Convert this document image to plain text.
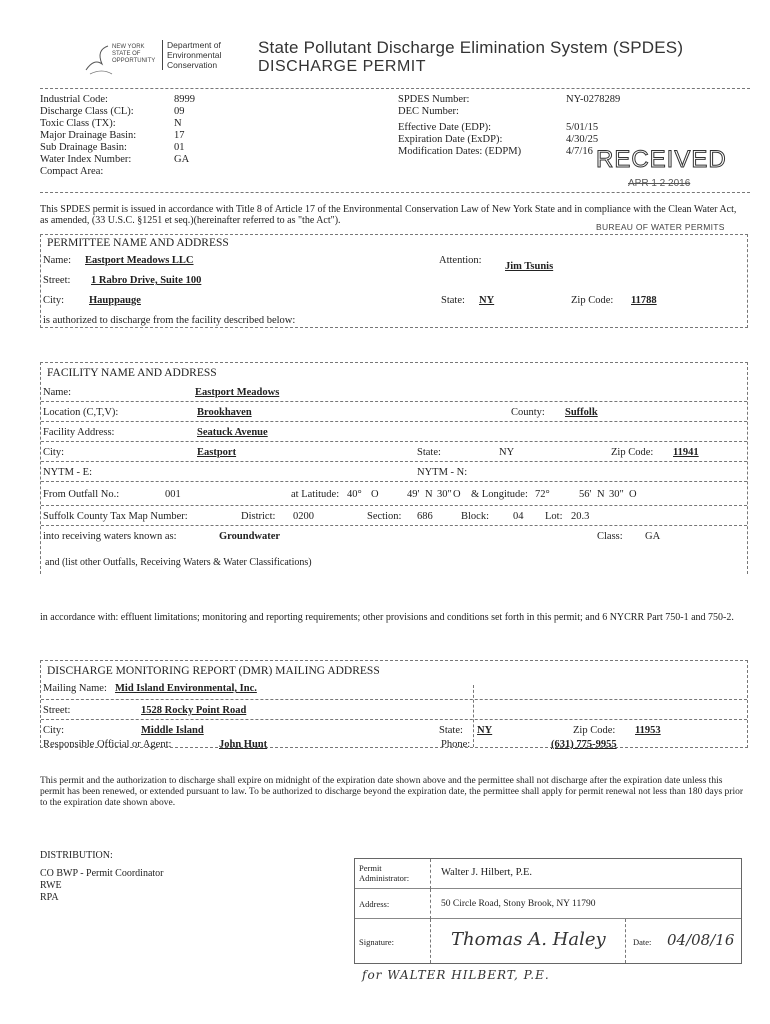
NEW YORK
STATE OF
OPPORTUNITY
Department of
Environmental
Conservation
State Pollutant Discharge Elimination System (SPDES)
DISCHARGE PERMIT
Industrial Code:	8999
Discharge Class (CL):	09
Toxic Class (TX):	N
Major Drainage Basin:	17
Sub Drainage Basin:	01
Water Index Number:	GA
Compact Area:
SPDES Number:	NY-0278289
DEC Number:
Effective Date (EDP):	5/01/15
Expiration Date (ExDP):	4/30/25
Modification Dates: (EDPM)	4/7/16 RECEIVED
APR 1 2 2016
This SPDES permit is issued in accordance with Title 8 of Article 17 of the Environmental Conservation Law of New York State and in compliance with the Clean Water Act, as amended, (33 U.S.C. §1251 et seq.)(hereinafter referred to as "the Act").
BUREAU OF WATER PERMITS
PERMITTEE NAME AND ADDRESS
Name: Eastport Meadows LLC	Attention:
Jim Tsunis
Street: 1 Rabro Drive, Suite 100
City: Hauppauge	State: NY	Zip Code: 11788
is authorized to discharge from the facility described below:
FACILITY NAME AND ADDRESS
Name:	Eastport Meadows
Location (C,T,V):	Brookhaven	County: Suffolk
Facility Address:	Seatuck Avenue
City:	Eastport	State:	NY	Zip Code: 11941
NYTM - E:	NYTM - N:
From Outfall No.:	001	at Latitude: 40° O	49' N 30" O & Longitude: 72°	56' N 30" O
Suffolk County Tax Map Number:	District: 0200	Section: 686	Block: 04 Lot: 20.3
into receiving waters known as:	Groundwater	Class: GA
and (list other Outfalls, Receiving Waters & Water Classifications)
in accordance with: effluent limitations; monitoring and reporting requirements; other provisions and conditions set forth in this permit; and 6 NYCRR Part 750-1 and 750-2.
DISCHARGE MONITORING REPORT (DMR) MAILING ADDRESS
Mailing Name: Mid Island Environmental, Inc.
Street:	1528 Rocky Point Road
City:	Middle Island	State: NY	Zip Code: 11953
Responsible Official or Agent:	John Hunt	Phone:	(631) 775-9955
This permit and the authorization to discharge shall expire on midnight of the expiration date shown above and the permittee shall not discharge after the expiration date unless this permit has been renewed, or extended pursuant to law. To be authorized to discharge beyond the expiration date, the permittee shall apply for permit renewal not less than 180 days prior to the expiration date shown above.
DISTRIBUTION:
CO BWP - Permit Coordinator
RWE
RPA
Permit Administrator:	Walter J. Hilbert, P.E.
Address:	50 Circle Road, Stony Brook, NY 11790
Signature:	Thomas A. Haley	Date: 04/08/16
for WALTER HILBERT, P.E.
